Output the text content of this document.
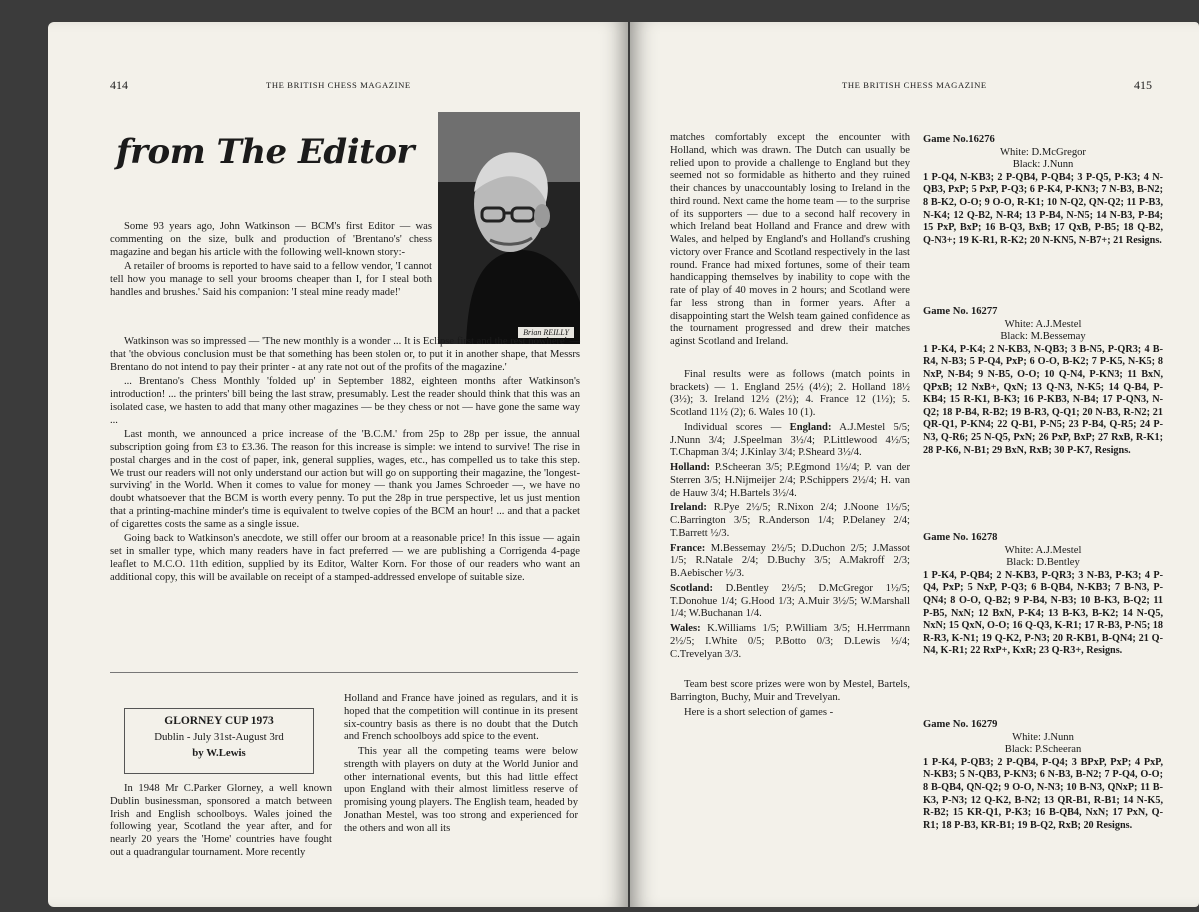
414	THE BRITISH CHESS MAGAZINE
from The Editor
Brian REILLY

Some 93 years ago, John Watkinson — BCM's first Editor — was commenting on the size, bulk and production of 'Brentano's' chess magazine and began his article with the following well-known story:-

A retailer of brooms is reported to have said to a fellow vendor, 'I cannot tell how you manage to sell your brooms cheaper than I, for I steal both handles and brushes.' Said his companion: 'I steal mine ready made!'

Watkinson was so impressed — 'The new monthly is a wonder ... It is Eclipse first and the rest nowhere' — that 'the obvious conclusion must be that something has been stolen or, to put it in another shape, that Messrs Brentano do not intend to pay their printer - at any rate not out of the profits of the magazine.'

... Brentano's Chess Monthly 'folded up' in September 1882, eighteen months after Watkinson's introduction! ... the printers' bill being the last straw, presumably. Lest the reader should think that this was an isolated case, we hasten to add that many other magazines — be they chess or not — have gone the same way ...

Last month, we announced a price increase of the 'B.C.M.' from 25p to 28p per issue, the annual subscription going from £3 to £3.36. The reason for this increase is simple: we intend to survive! The rise in postal charges and in the cost of paper, ink, general supplies, wages, etc., has compelled us to take this step. We trust our readers will not only understand our action but will go on supporting their magazine, the 'longest-surviving' in the World. When it comes to value for money — thank you James Schroeder —, we have no doubt whatsoever that the BCM is worth every penny. To put the 28p in true perspective, let us just mention that a printing-machine minder's time is equivalent to twelve copies of the BCM an hour! ... and that a packet of cigarettes costs the same as a single issue.

Going back to Watkinson's anecdote, we still offer our broom at a reasonable price! In this issue — again set in smaller type, which many readers have in fact preferred — we are publishing a Corrigenda 4-page leaflet to M.C.O. 11th edition, supplied by its Editor, Walter Korn. For those of our readers who want an additional copy, this will be available on receipt of a stamped-addressed envelope of suitable size.

GLORNEY CUP 1973
Dublin - July 31st-August 3rd
by W.Lewis

In 1948 Mr C.Parker Glorney, a well known Dublin businessman, sponsored a match between Irish and English schoolboys. Wales joined the following year, Scotland the year after, and for nearly 20 years the 'Home' countries have fought out a quadrangular tournament. More recently

Holland and France have joined as regulars, and it is hoped that the competition will continue in its present six-country basis as there is no doubt that the Dutch and French schoolboys add spice to the event.

This year all the competing teams were below strength with players on duty at the World Junior and other international events, but this had little effect upon England with their almost limitless reserve of promising young players. The English team, headed by Jonathan Mestel, was too strong and experienced for the others and won all its

THE BRITISH CHESS MAGAZINE	415

matches comfortably except the encounter with Holland, which was drawn. The Dutch can usually be relied upon to provide a challenge to England but they seemed not so formidable as hitherto and they ruined their chances by unaccountably losing to Ireland in the third round. Next came the home team — to the surprise of its supporters — due to a second half recovery in which Ireland beat Holland and France and drew with Wales, and helped by England's and Holland's crushing victory over France and Scotland respectively in the last round. France had mixed fortunes, some of their team handicapping themselves by inability to cope with the rate of play of 40 moves in 2 hours; and Scotland were far less strong than in former years. After a disappointing start the Welsh team gained confidence as the tournament progressed and drew their matches aginst Scotland and Ireland.

Final results were as follows (match points in brackets) — 1. England 25½ (4½); 2. Holland 18½ (3½); 3. Ireland 12½ (2½); 4. France 12 (1½); 5. Scotland 11½ (2); 6. Wales 10 (1).

Individual scores — England: A.J.Mestel 5/5; J.Nunn 3/4; J.Speelman 3½/4; P.Littlewood 4½/5; T.Chapman 3/4; J.Kinlay 3/4; P.Sheard 3½/4.

Holland: P.Scheeran 3/5; P.Egmond 1½/4; P. van der Sterren 3/5; H.Nijmeijer 2/4; P.Schippers 2½/4; H. van de Hauw 3/4; H.Bartels 3½/4.

Ireland: R.Pye 2½/5; R.Nixon 2/4; J.Noone 1½/5; C.Barrington 3/5; R.Anderson 1/4; P.Delaney 2/4; T.Barrett ½/3.

France: M.Bessemay 2½/5; D.Duchon 2/5; J.Massot 1/5; R.Natale 2/4; D.Buchy 3/5; A.Makroff 2/3; B.Aebischer ½/3.

Scotland: D.Bentley 2½/5; D.McGregor 1½/5; T.Donohue 1/4; G.Hood 1/3; A.Muir 3½/5; W.Marshall 1/4; W.Buchanan 1/4.

Wales: K.Williams 1/5; P.William 3/5; H.Herrmann 2½/5; I.White 0/5; P.Botto 0/3; D.Lewis ½/4; C.Trevelyan 3/3.

Team best score prizes were won by Mestel, Bartels, Barrington, Buchy, Muir and Trevelyan.

Here is a short selection of games -

Game No.16276
White: D.McGregor
Black: J.Nunn
1 P-Q4, N-KB3; 2 P-QB4, P-QB4; 3 P-Q5, P-K3; 4 N-QB3, PxP; 5 PxP, P-Q3; 6 P-K4, P-KN3; 7 N-B3, B-N2; 8 B-K2, O-O; 9 O-O, R-K1; 10 N-Q2, QN-Q2; 11 P-B3, N-K4; 12 Q-B2, N-R4; 13 P-B4, N-N5; 14 N-B3, P-B4; 15 PxP, BxP; 16 B-Q3, BxB; 17 QxB, P-B5; 18 Q-B2, Q-N3+; 19 K-R1, R-K2; 20 N-KN5, N-B7+; 21 Resigns.
Game No. 16277
White: A.J.Mestel
Black: M.Bessemay
1 P-K4, P-K4; 2 N-KB3, N-QB3; 3 B-N5, P-QR3; 4 B-R4, N-B3; 5 P-Q4, PxP; 6 O-O, B-K2; 7 P-K5, N-K5; 8 NxP, N-B4; 9 N-B5, O-O; 10 Q-N4, P-KN3; 11 BxN, QPxB; 12 NxB+, QxN; 13 Q-N3, N-K5; 14 Q-B4, P-KB4; 15 R-K1, B-K3; 16 P-KB3, N-B4; 17 P-QN3, N-Q2; 18 P-B4, R-B2; 19 B-R3, Q-Q1; 20 N-B3, R-N2; 21 QR-Q1, P-KN4; 22 Q-B1, P-N5; 23 P-B4, Q-R5; 24 P-N3, Q-R6; 25 N-Q5, PxN; 26 PxP, BxP; 27 RxB, R-K1; 28 P-K6, N-B1; 29 BxN, RxB; 30 P-K7, Resigns.
Game No. 16278
White: A.J.Mestel
Black: D.Bentley
1 P-K4, P-QB4; 2 N-KB3, P-QR3; 3 N-B3, P-K3; 4 P-Q4, PxP; 5 NxP, P-Q3; 6 B-QB4, N-KB3; 7 B-N3, P-QN4; 8 O-O, Q-B2; 9 P-B4, N-B3; 10 B-K3, B-Q2; 11 P-B5, NxN; 12 BxN, P-K4; 13 B-K3, B-K2; 14 N-Q5, NxN; 15 QxN, O-O; 16 Q-Q3, K-R1; 17 R-B3, P-N5; 18 R-R3, K-N1; 19 Q-K2, P-N3; 20 R-KB1, B-QN4; 21 Q-N4, K-R1; 22 RxP+, KxR; 23 Q-R3+, Resigns.
Game No. 16279
White: J.Nunn
Black: P.Scheeran
1 P-K4, P-QB3; 2 P-QB4, P-Q4; 3 BPxP, PxP; 4 PxP, N-KB3; 5 N-QB3, P-KN3; 6 N-B3, B-N2; 7 P-Q4, O-O; 8 B-QB4, QN-Q2; 9 O-O, N-N3; 10 B-N3, QNxP; 11 B-K3, P-N3; 12 Q-K2, B-N2; 13 QR-B1, R-B1; 14 N-K5, R-B2; 15 KR-Q1, P-K3; 16 B-QB4, NxN; 17 PxN, Q-R1; 18 P-B3, KR-B1; 19 B-Q2, RxB; 20 Resigns.
